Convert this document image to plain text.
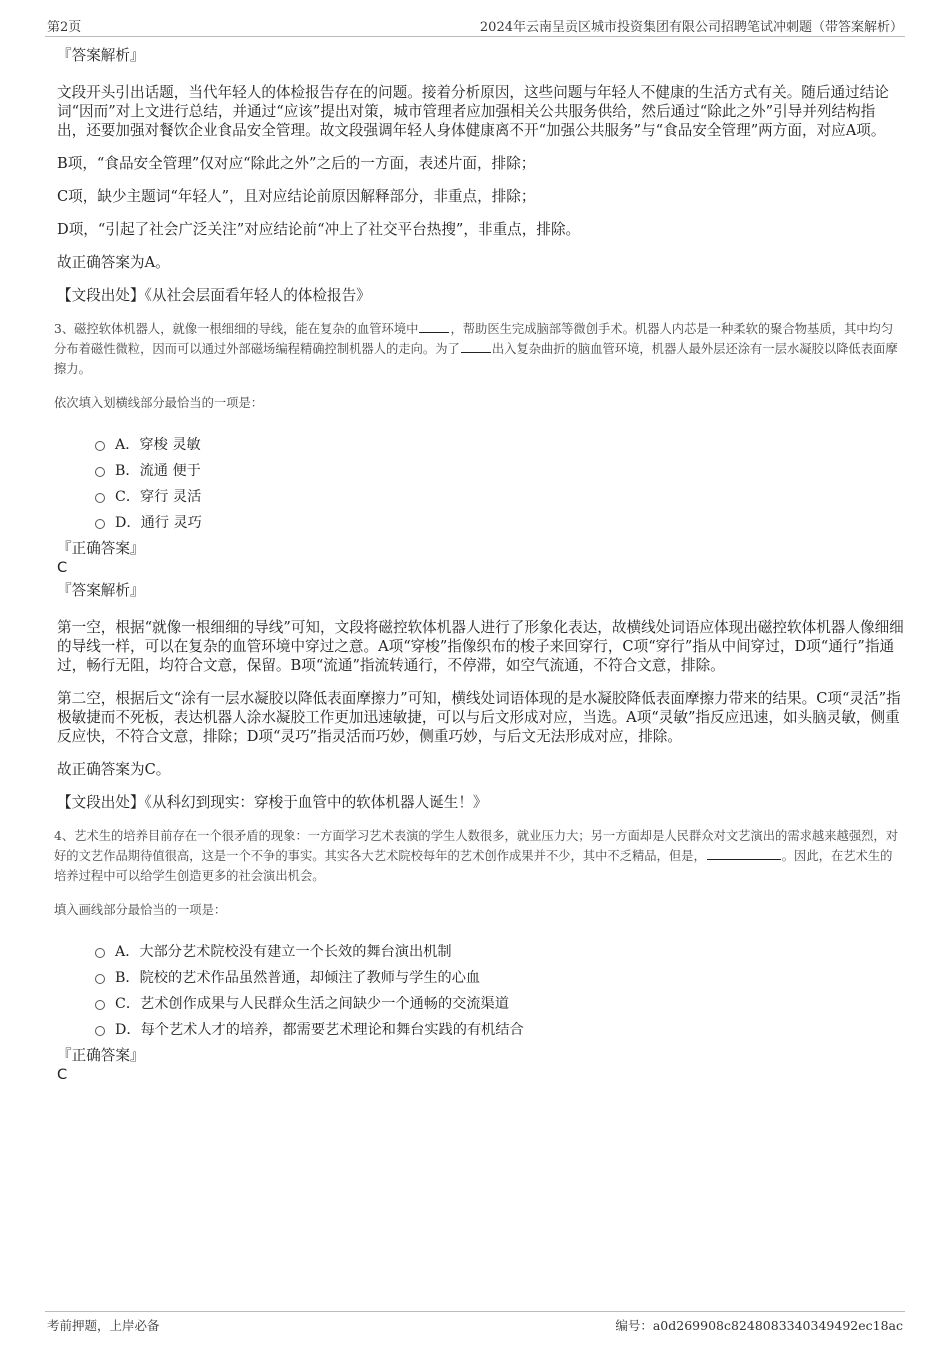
第2页	2024年云南呈贡区城市投资集团有限公司招聘笔试冲刺题（带答案解析）
『答案解析』

文段开头引出话题，当代年轻人的体检报告存在的问题。接着分析原因，这些问题与年轻人不健康的生活方式有关。随后通过结论词“因而”对上文进行总结，并通过“应该”提出对策，城市管理者应加强相关公共服务供给，然后通过“除此之外”引导并列结构指出，还要加强对餐饮企业食品安全管理。故文段强调年轻人身体健康离不开“加强公共服务”与“食品安全管理”两方面，对应A项。

B项，“食品安全管理”仅对应“除此之外”之后的一方面，表述片面，排除；

C项，缺少主题词“年轻人”，且对应结论前原因解释部分，非重点，排除；

D项，“引起了社会广泛关注”对应结论前“冲上了社交平台热搜”，非重点，排除。

故正确答案为A。

【文段出处】《从社会层面看年轻人的体检报告》

3、磁控软体机器人，就像一根细细的导线，能在复杂的血管环境中	，帮助医生完成脑部等微创手术。机器人内芯是一种柔软的聚合物基质，其中均匀分布着磁性微粒，因而可以通过外部磁场编程精确控制机器人的走向。为了	出入复杂曲折的脑血管环境，机器人最外层还涂有一层水凝胶以降低表面摩擦力。

依次填入划横线部分最恰当的一项是：

A．穿梭 灵敏
B．流通 便于
C．穿行 灵活
D．通行 灵巧
『正确答案』
C
『答案解析』

第一空，根据“就像一根细细的导线”可知，文段将磁控软体机器人进行了形象化表达，故横线处词语应体现出磁控软体机器人像细细的导线一样，可以在复杂的血管环境中穿过之意。A项“穿梭”指像织布的梭子来回穿行，C项“穿行”指从中间穿过，D项“通行”指通过，畅行无阻，均符合文意，保留。B项“流通”指流转通行，不停滞，如空气流通，不符合文意，排除。

第二空，根据后文“涂有一层水凝胶以降低表面摩擦力”可知，横线处词语体现的是水凝胶降低表面摩擦力带来的结果。C项“灵活”指极敏捷而不死板，表达机器人涂水凝胶工作更加迅速敏捷，可以与后文形成对应，当选。A项“灵敏”指反应迅速，如头脑灵敏，侧重反应快，不符合文意，排除；D项“灵巧”指灵活而巧妙，侧重巧妙，与后文无法形成对应，排除。

故正确答案为C。

【文段出处】《从科幻到现实：穿梭于血管中的软体机器人诞生！》

4、艺术生的培养目前存在一个很矛盾的现象：一方面学习艺术表演的学生人数很多，就业压力大；另一方面却是人民群众对文艺演出的需求越来越强烈，对好的文艺作品期待值很高，这是一个不争的事实。其实各大艺术院校每年的艺术创作成果并不少，其中不乏精品，但是，	。因此，在艺术生的培养过程中可以给学生创造更多的社会演出机会。

填入画线部分最恰当的一项是：

A．大部分艺术院校没有建立一个长效的舞台演出机制
B．院校的艺术作品虽然普通，却倾注了教师与学生的心血
C．艺术创作成果与人民群众生活之间缺少一个通畅的交流渠道
D．每个艺术人才的培养，都需要艺术理论和舞台实践的有机结合
『正确答案』
C
考前押题，上岸必备	编号：a0d269908c8248083340349492ec18ac
